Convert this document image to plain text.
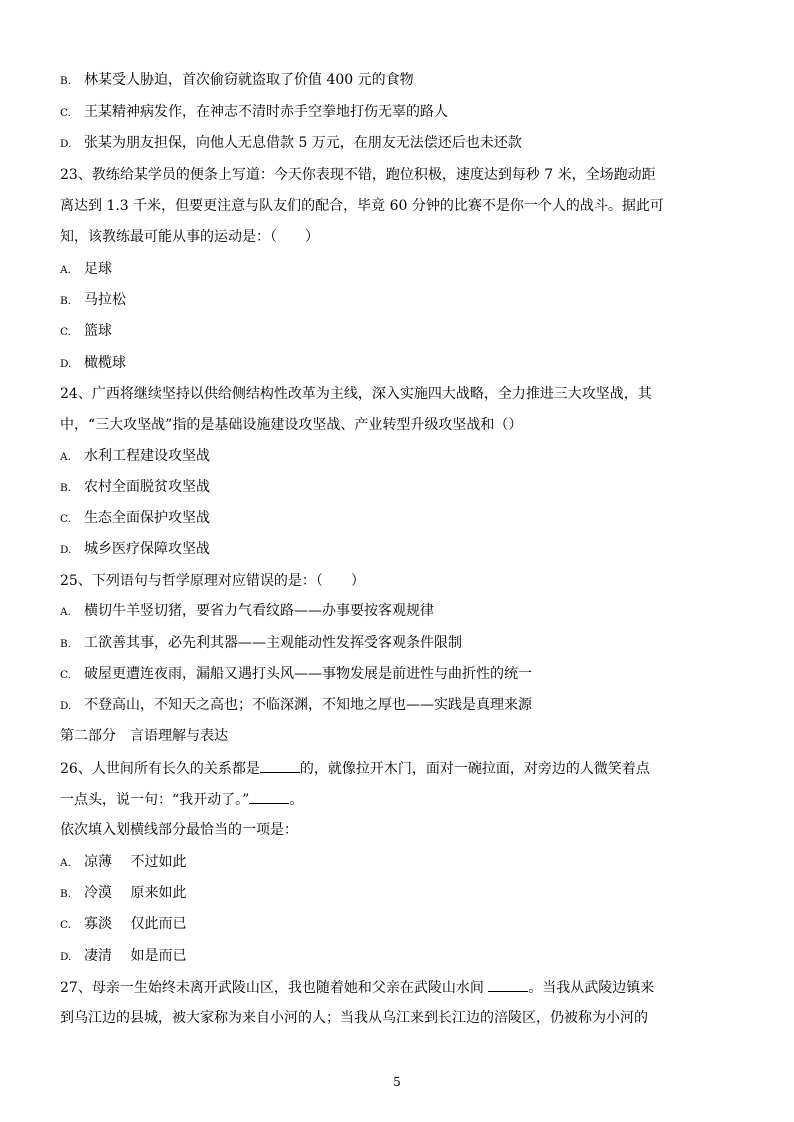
B. 林某受人胁迫，首次偷窃就盗取了价值 400 元的食物
C. 王某精神病发作，在神志不清时赤手空拳地打伤无辜的路人
D. 张某为朋友担保，向他人无息借款 5 万元，在朋友无法偿还后也未还款
23、教练给某学员的便条上写道：今天你表现不错，跑位积极，速度达到每秒 7 米，全场跑动距
离达到 1.3 千米，但要更注意与队友们的配合，毕竟 60 分钟的比赛不是你一个人的战斗。据此可
知，该教练最可能从事的运动是：（　　）
A. 足球
B. 马拉松
C. 篮球
D. 橄榄球
24、广西将继续坚持以供给侧结构性改革为主线，深入实施四大战略，全力推进三大攻坚战，其
中，“三大攻坚战”指的是基础设施建设攻坚战、产业转型升级攻坚战和（）
A. 水利工程建设攻坚战
B. 农村全面脱贫攻坚战
C. 生态全面保护攻坚战
D. 城乡医疗保障攻坚战
25、下列语句与哲学原理对应错误的是：（　　）
A. 横切牛羊竖切猪，要省力气看纹路——办事要按客观规律
B. 工欲善其事，必先利其器——主观能动性发挥受客观条件限制
C. 破屋更遭连夜雨，漏船又遇打头风——事物发展是前进性与曲折性的统一
D. 不登高山，不知天之高也；不临深渊，不知地之厚也——实践是真理来源
第二部分　言语理解与表达
26、人世间所有长久的关系都是	的，就像拉开木门，面对一碗拉面，对旁边的人微笑着点
一点头，说一句：“我开动了。”	。
依次填入划横线部分最恰当的一项是：
A. 凉薄　 不过如此
B. 冷漠　 原来如此
C. 寡淡　 仅此而已
D. 凄清　 如是而已
27、母亲一生始终未离开武陵山区，我也随着她和父亲在武陵山水间	。当我从武陵边镇来
到乌江边的县城，被大家称为来自小河的人；当我从乌江来到长江边的涪陵区，仍被称为小河的
5
